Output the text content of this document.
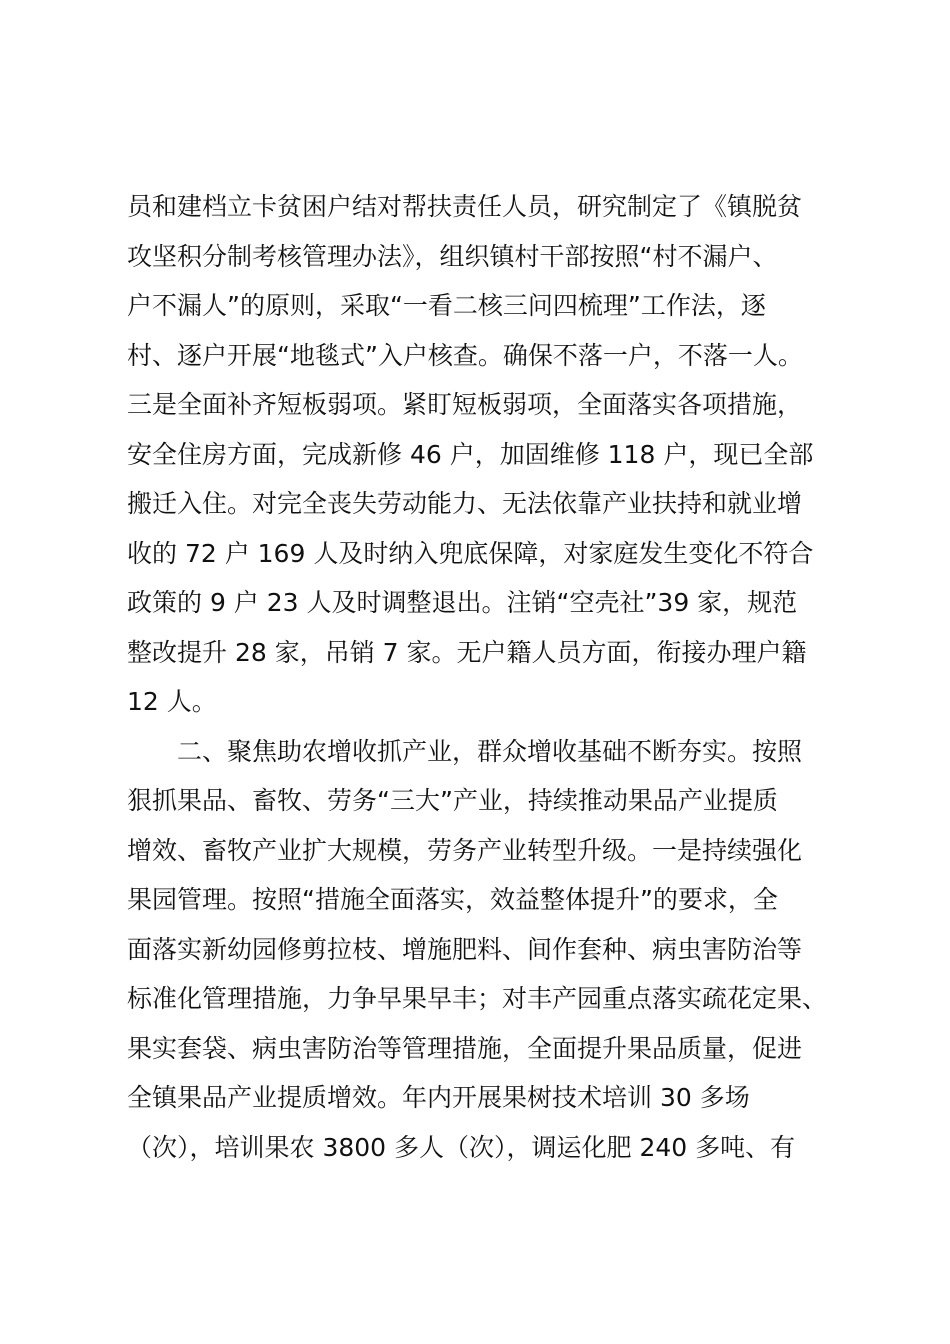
员和建档立卡贫困户结对帮扶责任人员，研究制定了《镇脱贫
攻坚积分制考核管理办法》，组织镇村干部按照“村不漏户、
户不漏人”的原则，采取“一看二核三问四梳理”工作法，逐
村、逐户开展“地毯式”入户核查。确保不落一户，不落一人。
三是全面补齐短板弱项。紧盯短板弱项，全面落实各项措施，
安全住房方面，完成新修 46 户，加固维修 118 户，现已全部
搬迁入住。对完全丧失劳动能力、无法依靠产业扶持和就业增
收的 72 户 169 人及时纳入兜底保障，对家庭发生变化不符合
政策的 9 户 23 人及时调整退出。注销“空壳社”39 家，规范
整改提升 28 家，吊销 7 家。无户籍人员方面，衔接办理户籍
12 人。
　　二、聚焦助农增收抓产业，群众增收基础不断夯实。按照
狠抓果品、畜牧、劳务“三大”产业，持续推动果品产业提质
增效、畜牧产业扩大规模，劳务产业转型升级。一是持续强化
果园管理。按照“措施全面落实，效益整体提升”的要求，全
面落实新幼园修剪拉枝、增施肥料、间作套种、病虫害防治等
标准化管理措施，力争早果早丰；对丰产园重点落实疏花定果、
果实套袋、病虫害防治等管理措施，全面提升果品质量，促进
全镇果品产业提质增效。年内开展果树技术培训 30 多场
（次），培训果农 3800 多人（次），调运化肥 240 多吨、有
